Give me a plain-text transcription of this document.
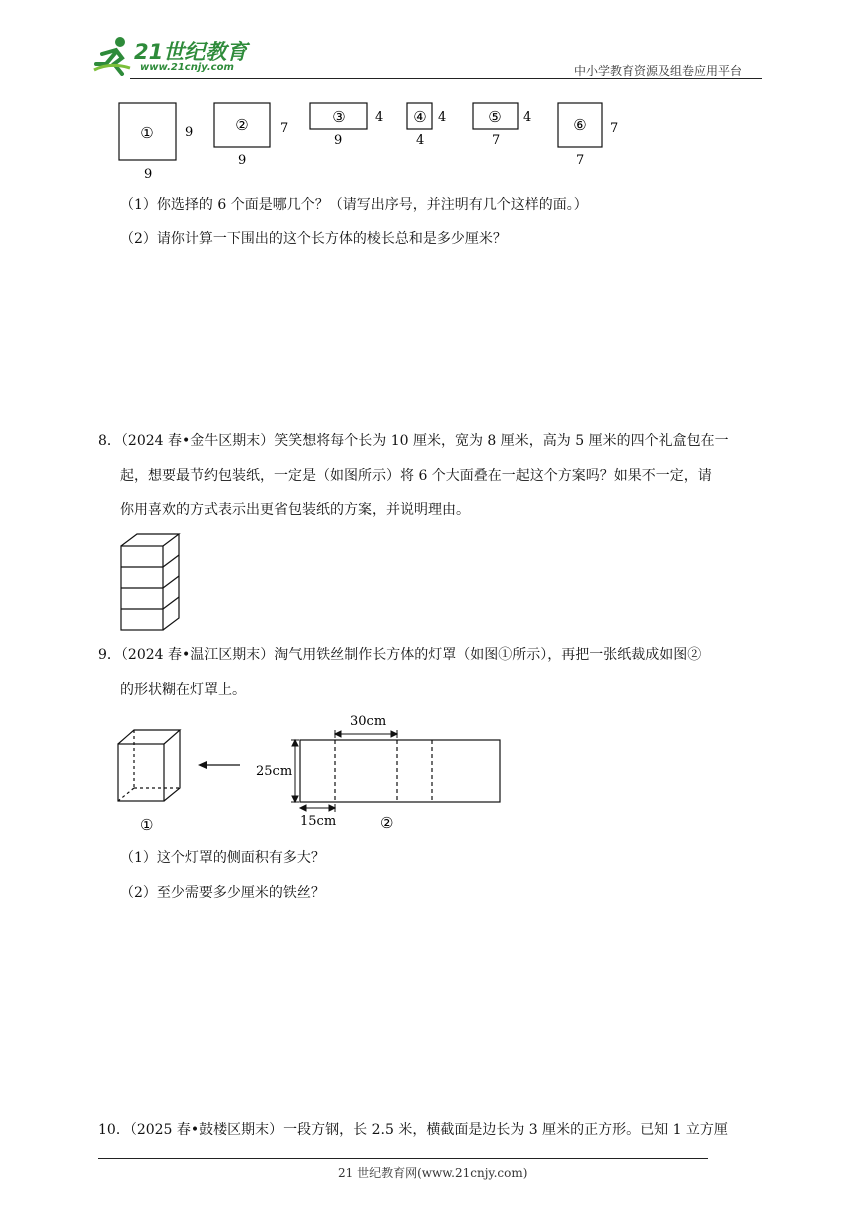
21世纪教育
www.21cnjy.com	中小学教育资源及组卷应用平台
① 9
9
② 7
9
③ 4
9
④ 4
4
⑤ 4
7
⑥ 7
7
（1）你选择的 6 个面是哪几个？（请写出序号，并注明有几个这样的面。）
（2）请你计算一下围出的这个长方体的棱长总和是多少厘米？
8．（2024 春•金牛区期末）笑笑想将每个长为 10 厘米，宽为 8 厘米，高为 5 厘米的四个礼盒包在一
起，想要最节约包装纸，一定是（如图所示）将 6 个大面叠在一起这个方案吗？如果不一定，请
你用喜欢的方式表示出更省包装纸的方案，并说明理由。
9．（2024 春•温江区期末）淘气用铁丝制作长方体的灯罩（如图①所示），再把一张纸裁成如图②
的形状糊在灯罩上。
①
30cm
25cm
15cm	②
（1）这个灯罩的侧面积有多大？
（2）至少需要多少厘米的铁丝？
10．（2025 春•鼓楼区期末）一段方钢，长 2.5 米，横截面是边长为 3 厘米的正方形。已知 1 立方厘
21 世纪教育网(www.21cnjy.com)
